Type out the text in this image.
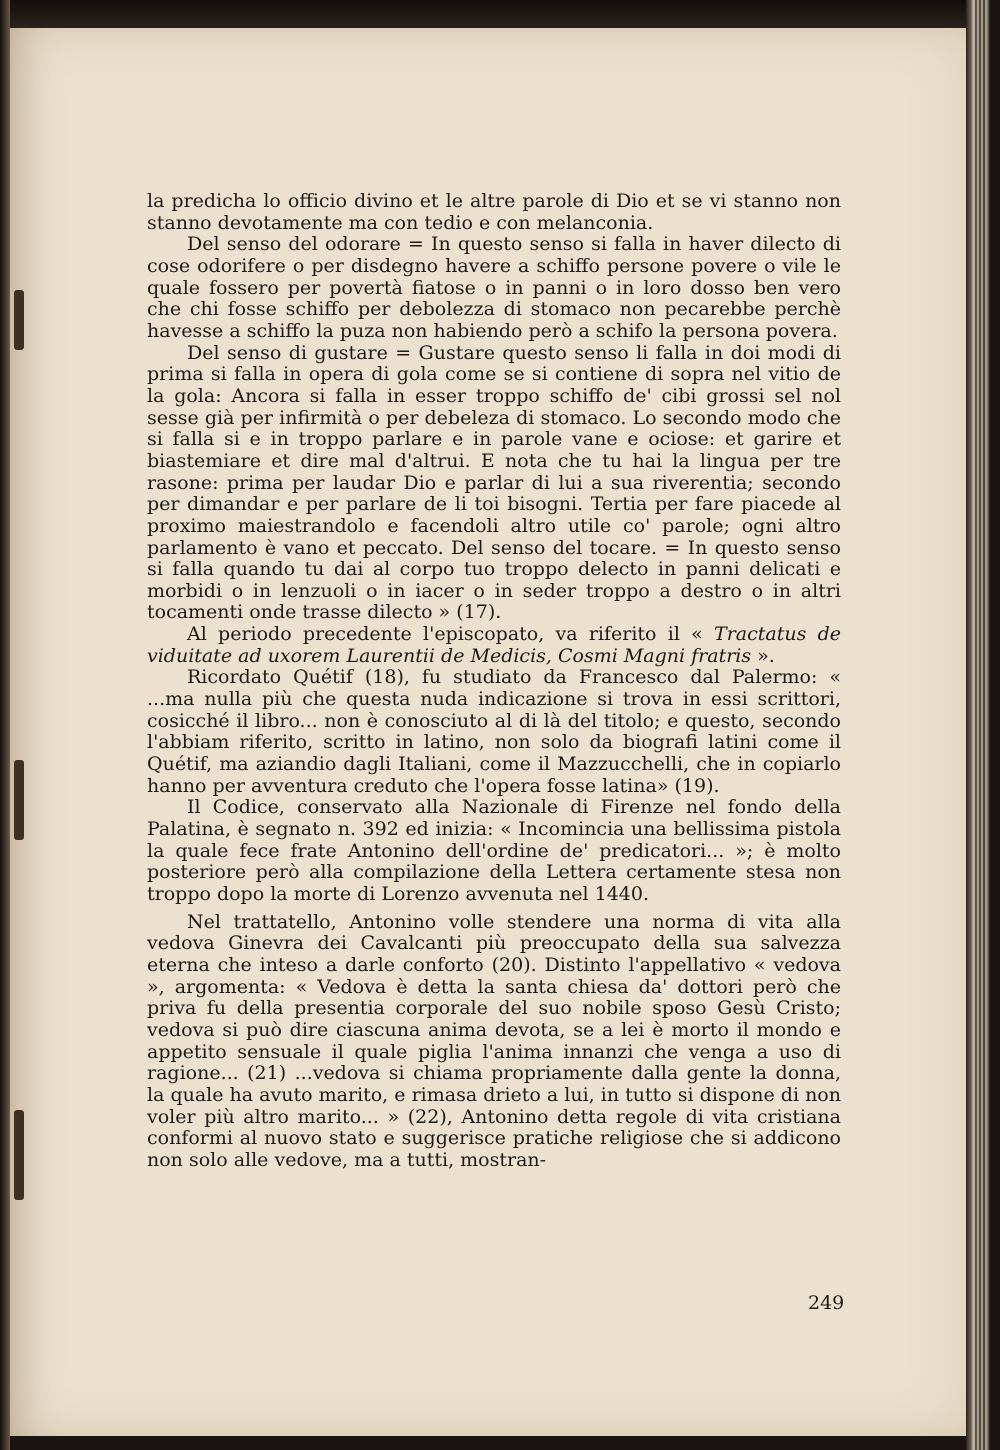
la predicha lo officio divino et le altre parole di Dio et se vi stanno non stanno devotamente ma con tedio e con melanconia.

Del senso del odorare = In questo senso si falla in haver dilecto di cose odorifere o per disdegno havere a schiffo persone povere o vile le quale fossero per povertà fiatose o in panni o in loro dosso ben vero che chi fosse schiffo per debolezza di stomaco non pecarebbe perchè havesse a schiffo la puza non habiendo però a schifo la persona povera.

Del senso di gustare = Gustare questo senso li falla in doi modi di prima si falla in opera di gola come se si contiene di sopra nel vitio de la gola: Ancora si falla in esser troppo schiffo de' cibi grossi sel nol sesse già per infirmità o per debeleza di stomaco. Lo secondo modo che si falla si e in troppo parlare e in parole vane e ociose: et garire et biastemiare et dire mal d'altrui. E nota che tu hai la lingua per tre rasone: prima per laudar Dio e parlar di lui a sua riverentia; secondo per dimandar e per parlare de li toi bisogni. Tertia per fare piacede al proximo maiestrandolo e facendoli altro utile co' parole; ogni altro parlamento è vano et peccato. Del senso del tocare. = In questo senso si falla quando tu dai al corpo tuo troppo delecto in panni delicati e morbidi o in lenzuoli o in iacer o in seder troppo a destro o in altri tocamenti onde trasse dilecto » (17).

Al periodo precedente l'episcopato, va riferito il « Tractatus de viduitate ad uxorem Laurentii de Medicis, Cosmi Magni fratris ».

Ricordato Quétif (18), fu studiato da Francesco dal Palermo: « ...ma nulla più che questa nuda indicazione si trova in essi scrittori, cosicché il libro... non è conosciuto al di là del titolo; e questo, secondo l'abbiam riferito, scritto in latino, non solo da biografi latini come il Quétif, ma aziandio dagli Italiani, come il Mazzucchelli, che in copiarlo hanno per avventura creduto che l'opera fosse latina» (19).

Il Codice, conservato alla Nazionale di Firenze nel fondo della Palatina, è segnato n. 392 ed inizia: « Incomincia una bellissima pistola la quale fece frate Antonino dell'ordine de' predicatori... »; è molto posteriore però alla compilazione della Lettera certamente stesa non troppo dopo la morte di Lorenzo avvenuta nel 1440.

Nel trattatello, Antonino volle stendere una norma di vita alla vedova Ginevra dei Cavalcanti più preoccupato della sua salvezza eterna che inteso a darle conforto (20). Distinto l'appellativo « vedova », argomenta: « Vedova è detta la santa chiesa da' dottori però che priva fu della presentia corporale del suo nobile sposo Gesù Cristo; vedova si può dire ciascuna anima devota, se a lei è morto il mondo e appetito sensuale il quale piglia l'anima innanzi che venga a uso di ragione... (21) ...vedova si chiama propriamente dalla gente la donna, la quale ha avuto marito, e rimasa drieto a lui, in tutto si dispone di non voler più altro marito... » (22), Antonino detta regole di vita cristiana conformi al nuovo stato e suggerisce pratiche religiose che si addicono non solo alle vedove, ma a tutti, mostran-

249
